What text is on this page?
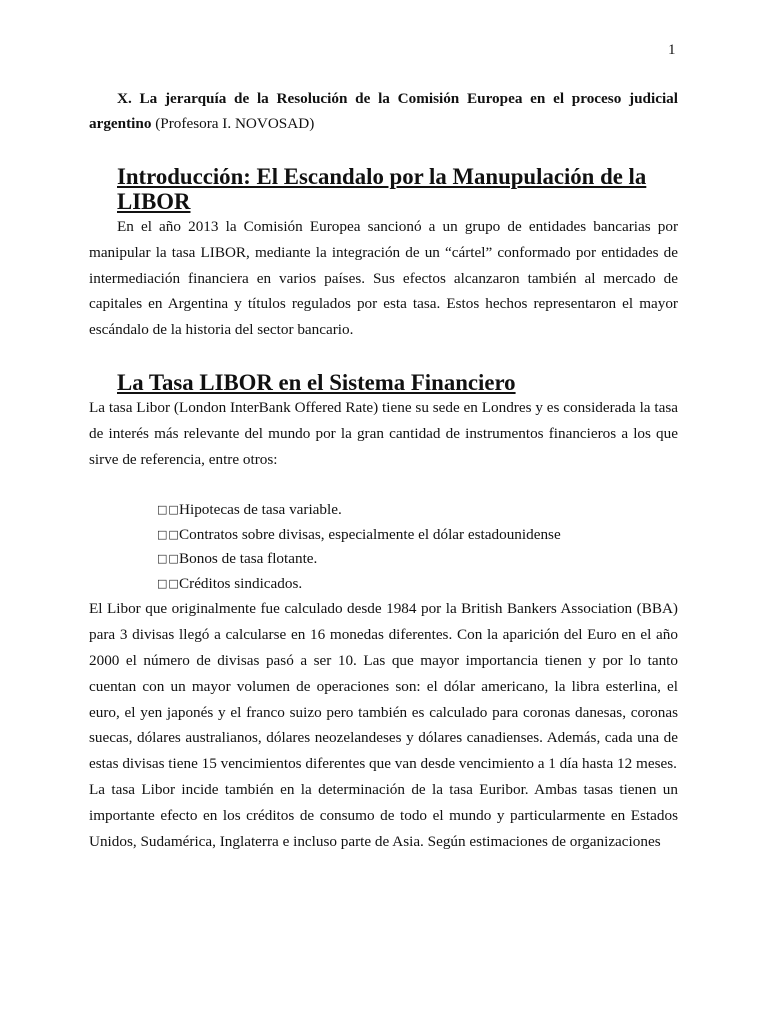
1

X. La jerarquía de la Resolución de la Comisión Europea en el proceso judicial argentino (Profesora I. NOVOSAD)

Introducción: El Escandalo por la Manupulación de la LIBOR

En el año 2013 la Comisión Europea sancionó a un grupo de entidades bancarias por manipular la tasa LIBOR, mediante la integración de un “cártel” conformado por entidades de intermediación financiera en varios países. Sus efectos alcanzaron también al mercado de capitales en Argentina y títulos regulados por esta tasa. Estos hechos representaron el mayor escándalo de la historia del sector bancario.

La Tasa LIBOR en el Sistema Financiero

La tasa Libor (London InterBank Offered Rate) tiene su sede en Londres y es considerada la tasa de interés más relevante del mundo por la gran cantidad de instrumentos financieros a los que sirve de referencia, entre otros:

□□ Hipotecas de tasa variable.
□□ Contratos sobre divisas, especialmente el dólar estadounidense
□□ Bonos de tasa flotante.
□□ Créditos sindicados.

El Libor que originalmente fue calculado desde 1984 por la British Bankers Association (BBA) para 3 divisas llegó a calcularse en 16 monedas diferentes. Con la aparición del Euro en el año 2000 el número de divisas pasó a ser 10. Las que mayor importancia tienen y por lo tanto cuentan con un mayor volumen de operaciones son: el dólar americano, la libra esterlina, el euro, el yen japonés y el franco suizo pero también es calculado para coronas danesas, coronas suecas, dólares australianos, dólares neozelandeses y dólares canadienses. Además, cada una de estas divisas tiene 15 vencimientos diferentes que van desde vencimiento a 1 día hasta 12 meses.

La tasa Libor incide también en la determinación de la tasa Euribor. Ambas tasas tienen un importante efecto en los créditos de consumo de todo el mundo y particularmente en Estados Unidos, Sudamérica, Inglaterra e incluso parte de Asia. Según estimaciones de organizaciones
